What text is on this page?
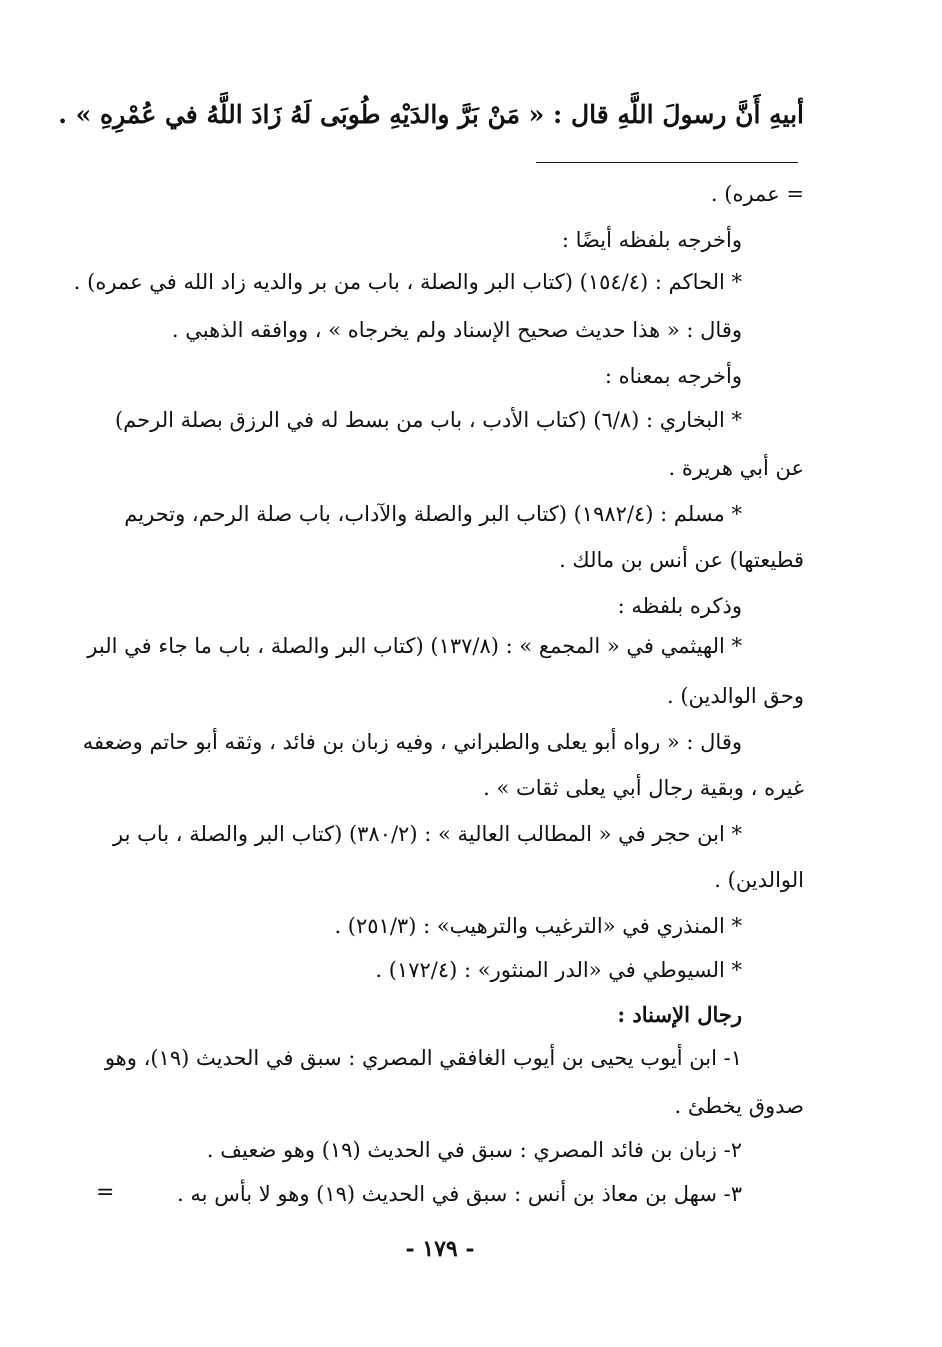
أبيهِ أَنَّ رسولَ اللَّهِ قال : « مَنْ بَرَّ والدَيْهِ طُوبَى لَهُ زَادَ اللَّهُ في عُمْرِهِ » .
= عمره) .
وأخرجه بلفظه أيضًا :
* الحاكم : (١٥٤/٤) (كتاب البر والصلة ، باب من بر والديه زاد الله في عمره) .
وقال : « هذا حديث صحيح الإسناد ولم يخرجاه » ، ووافقه الذهبي .
وأخرجه بمعناه :
* البخاري : (٦/٨) (كتاب الأدب ، باب من بسط له في الرزق بصلة الرحم)
عن أبي هريرة .
* مسلم : (١٩٨٢/٤) (كتاب البر والصلة والآداب، باب صلة الرحم، وتحريم
قطيعتها) عن أنس بن مالك .
وذكره بلفظه :
* الهيثمي في « المجمع » : (١٣٧/٨) (كتاب البر والصلة ، باب ما جاء في البر
وحق الوالدين) .
وقال : « رواه أبو يعلى والطبراني ، وفيه زبان بن فائد ، وثقه أبو حاتم وضعفه
غيره ، وبقية رجال أبي يعلى ثقات » .
* ابن حجر في « المطالب العالية » : (٣٨٠/٢) (كتاب البر والصلة ، باب بر
الوالدين) .
* المنذري في «الترغيب والترهيب» : (٢٥١/٣) .
* السيوطي في «الدر المنثور» : (١٧٢/٤) .
رجال الإسناد :
١- ابن أيوب يحيى بن أيوب الغافقي المصري : سبق في الحديث (١٩)، وهو
صدوق يخطئ .
٢- زبان بن فائد المصري : سبق في الحديث (١٩) وهو ضعيف .
٣- سهل بن معاذ بن أنس : سبق في الحديث (١٩) وهو لا بأس به .
=
- ١٧٩ -
